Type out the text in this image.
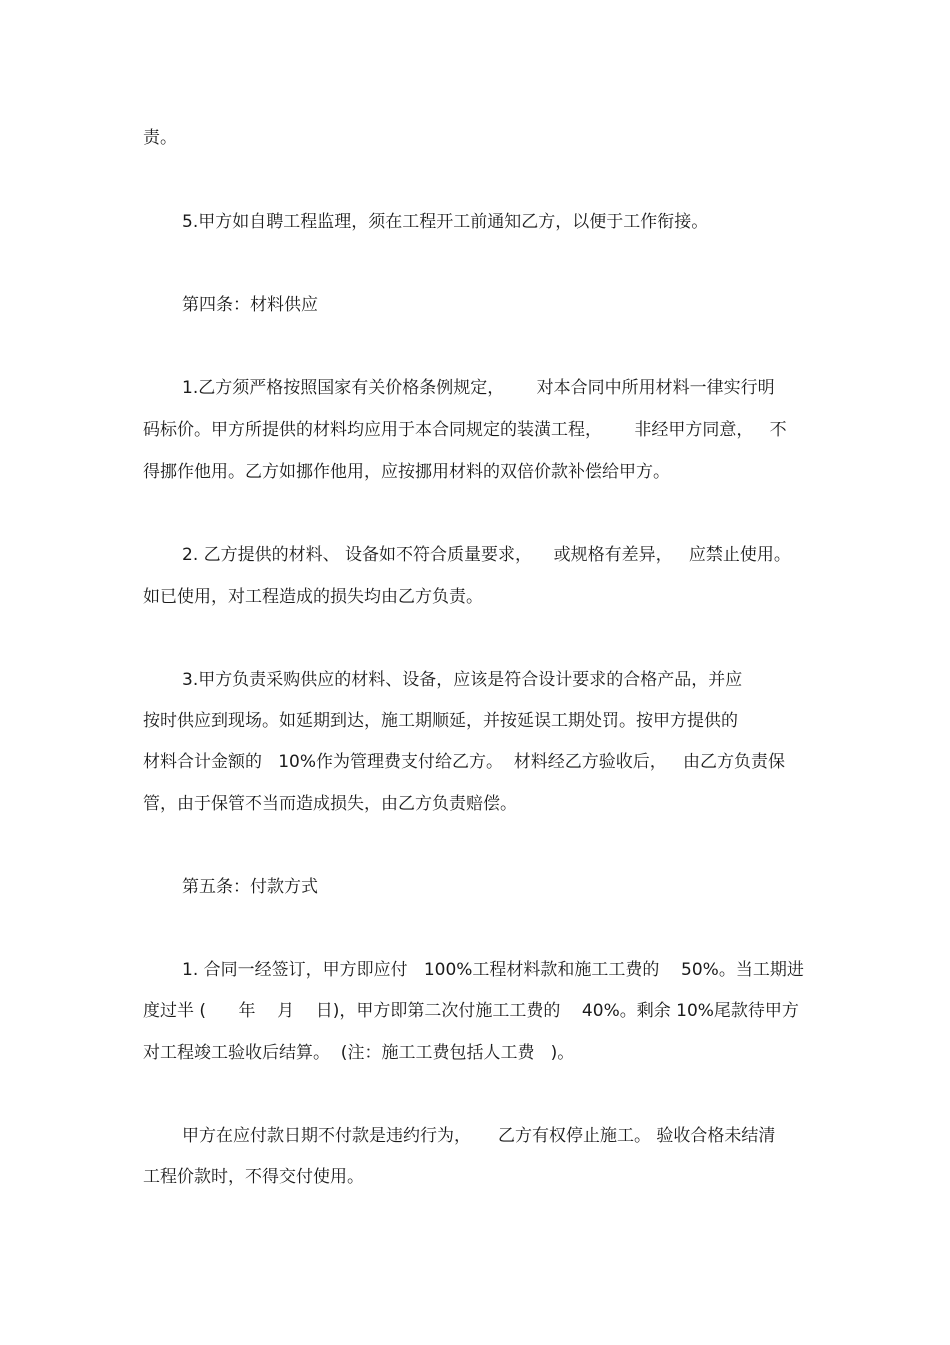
责。
5.甲方如自聘工程监理，须在工程开工前通知乙方，以便于工作衔接。
第四条：材料供应
1.乙方须严格按照国家有关价格条例规定，      对本合同中所用材料一律实行明
码标价。甲方所提供的材料均应用于本合同规定的装潢工程，      非经甲方同意，   不
得挪作他用。乙方如挪作他用，应按挪用材料的双倍价款补偿给甲方。
2. 乙方提供的材料、 设备如不符合质量要求，    或规格有差异，   应禁止使用。
如已使用，对工程造成的损失均由乙方负责。
3.甲方负责采购供应的材料、设备，应该是符合设计要求的合格产品，并应
按时供应到现场。如延期到达，施工期顺延，并按延误工期处罚。按甲方提供的
材料合计金额的   10%作为管理费支付给乙方。  材料经乙方验收后，   由乙方负责保
管，由于保管不当而造成损失，由乙方负责赔偿。
第五条：付款方式
1. 合同一经签订，甲方即应付   100%工程材料款和施工工费的    50%。当工期进
度过半 (      年    月    日)，甲方即第二次付施工工费的    40%。剩余 10%尾款待甲方
对工程竣工验收后结算。  (注：施工工费包括人工费   )。
甲方在应付款日期不付款是违约行为，     乙方有权停止施工。 验收合格未结清
工程价款时，不得交付使用。
